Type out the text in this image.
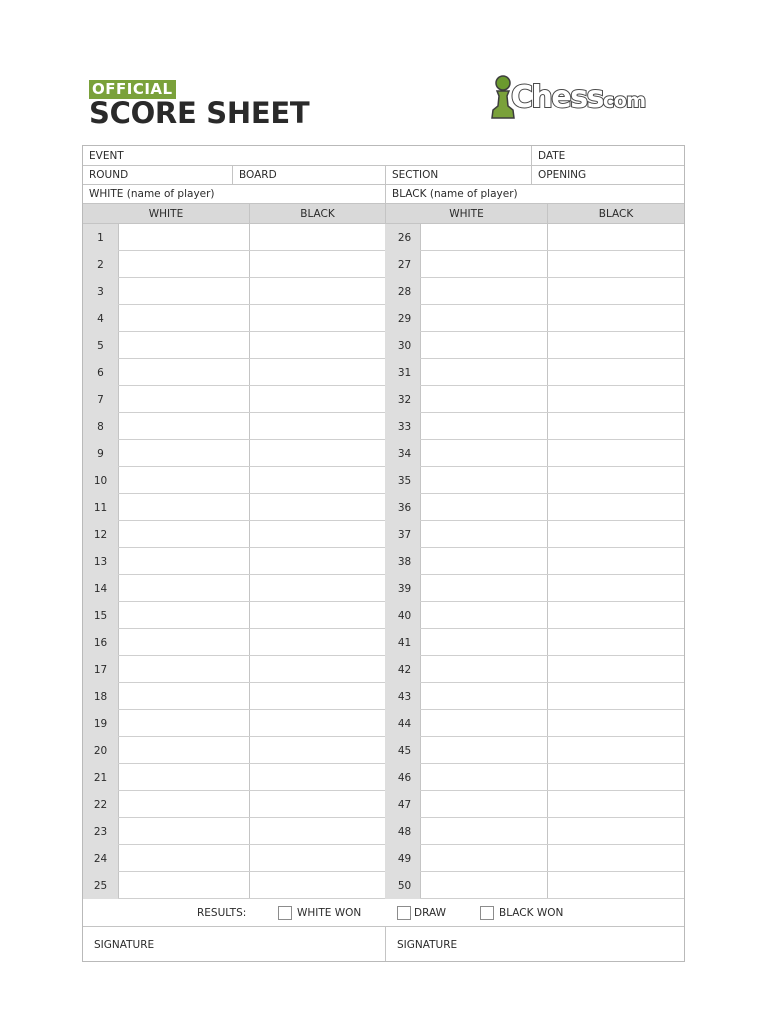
OFFICIAL
SCORE SHEET	Chesscom
EVENT	DATE
ROUND	BOARD	SECTION	OPENING
WHITE (name of player)	BLACK (name of player)
WHITE	BLACK	WHITE	BLACK
1	26
2	27
3	28
4	29
5	30
6	31
7	32
8	33
9	34
10	35
11	36
12	37
13	38
14	39
15	40
16	41
17	42
18	43
19	44
20	45
21	46
22	47
23	48
24	49
25	50
RESULTS:	WHITE WON	DRAW	BLACK WON
SIGNATURE	SIGNATURE
